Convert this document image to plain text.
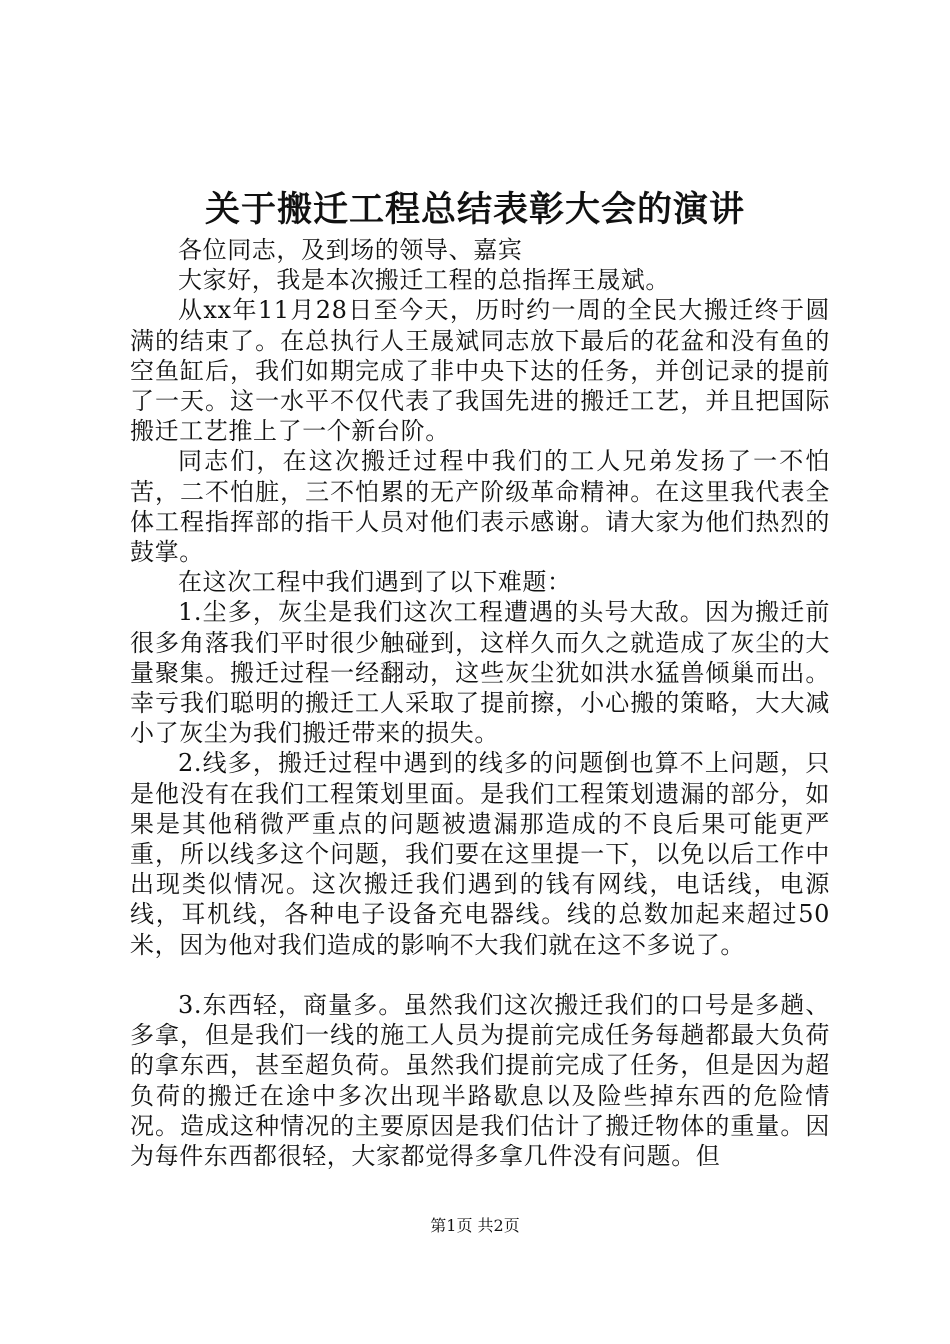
关于搬迁工程总结表彰大会的演讲

各位同志，及到场的领导、嘉宾

大家好，我是本次搬迁工程的总指挥王晟斌。

从xx年11月28日至今天，历时约一周的全民大搬迁终于圆满的结束了。在总执行人王晟斌同志放下最后的花盆和没有鱼的空鱼缸后，我们如期完成了非中央下达的任务，并创记录的提前了一天。这一水平不仅代表了我国先进的搬迁工艺，并且把国际搬迁工艺推上了一个新台阶。

同志们，在这次搬迁过程中我们的工人兄弟发扬了一不怕苦，二不怕脏，三不怕累的无产阶级革命精神。在这里我代表全体工程指挥部的指干人员对他们表示感谢。请大家为他们热烈的鼓掌。

在这次工程中我们遇到了以下难题：

1.尘多，灰尘是我们这次工程遭遇的头号大敌。因为搬迁前很多角落我们平时很少触碰到，这样久而久之就造成了灰尘的大量聚集。搬迁过程一经翻动，这些灰尘犹如洪水猛兽倾巢而出。幸亏我们聪明的搬迁工人采取了提前擦，小心搬的策略，大大减小了灰尘为我们搬迁带来的损失。

2.线多，搬迁过程中遇到的线多的问题倒也算不上问题，只是他没有在我们工程策划里面。是我们工程策划遗漏的部分，如果是其他稍微严重点的问题被遗漏那造成的不良后果可能更严重，所以线多这个问题，我们要在这里提一下，以免以后工作中出现类似情况。这次搬迁我们遇到的钱有网线，电话线，电源线，耳机线，各种电子设备充电器线。线的总数加起来超过50米，因为他对我们造成的影响不大我们就在这不多说了。

3.东西轻，商量多。虽然我们这次搬迁我们的口号是多趟、多拿，但是我们一线的施工人员为提前完成任务每趟都最大负荷的拿东西，甚至超负荷。虽然我们提前完成了任务，但是因为超负荷的搬迁在途中多次出现半路歇息以及险些掉东西的危险情况。造成这种情况的主要原因是我们估计了搬迁物体的重量。因为每件东西都很轻，大家都觉得多拿几件没有问题。但

第1页 共2页
